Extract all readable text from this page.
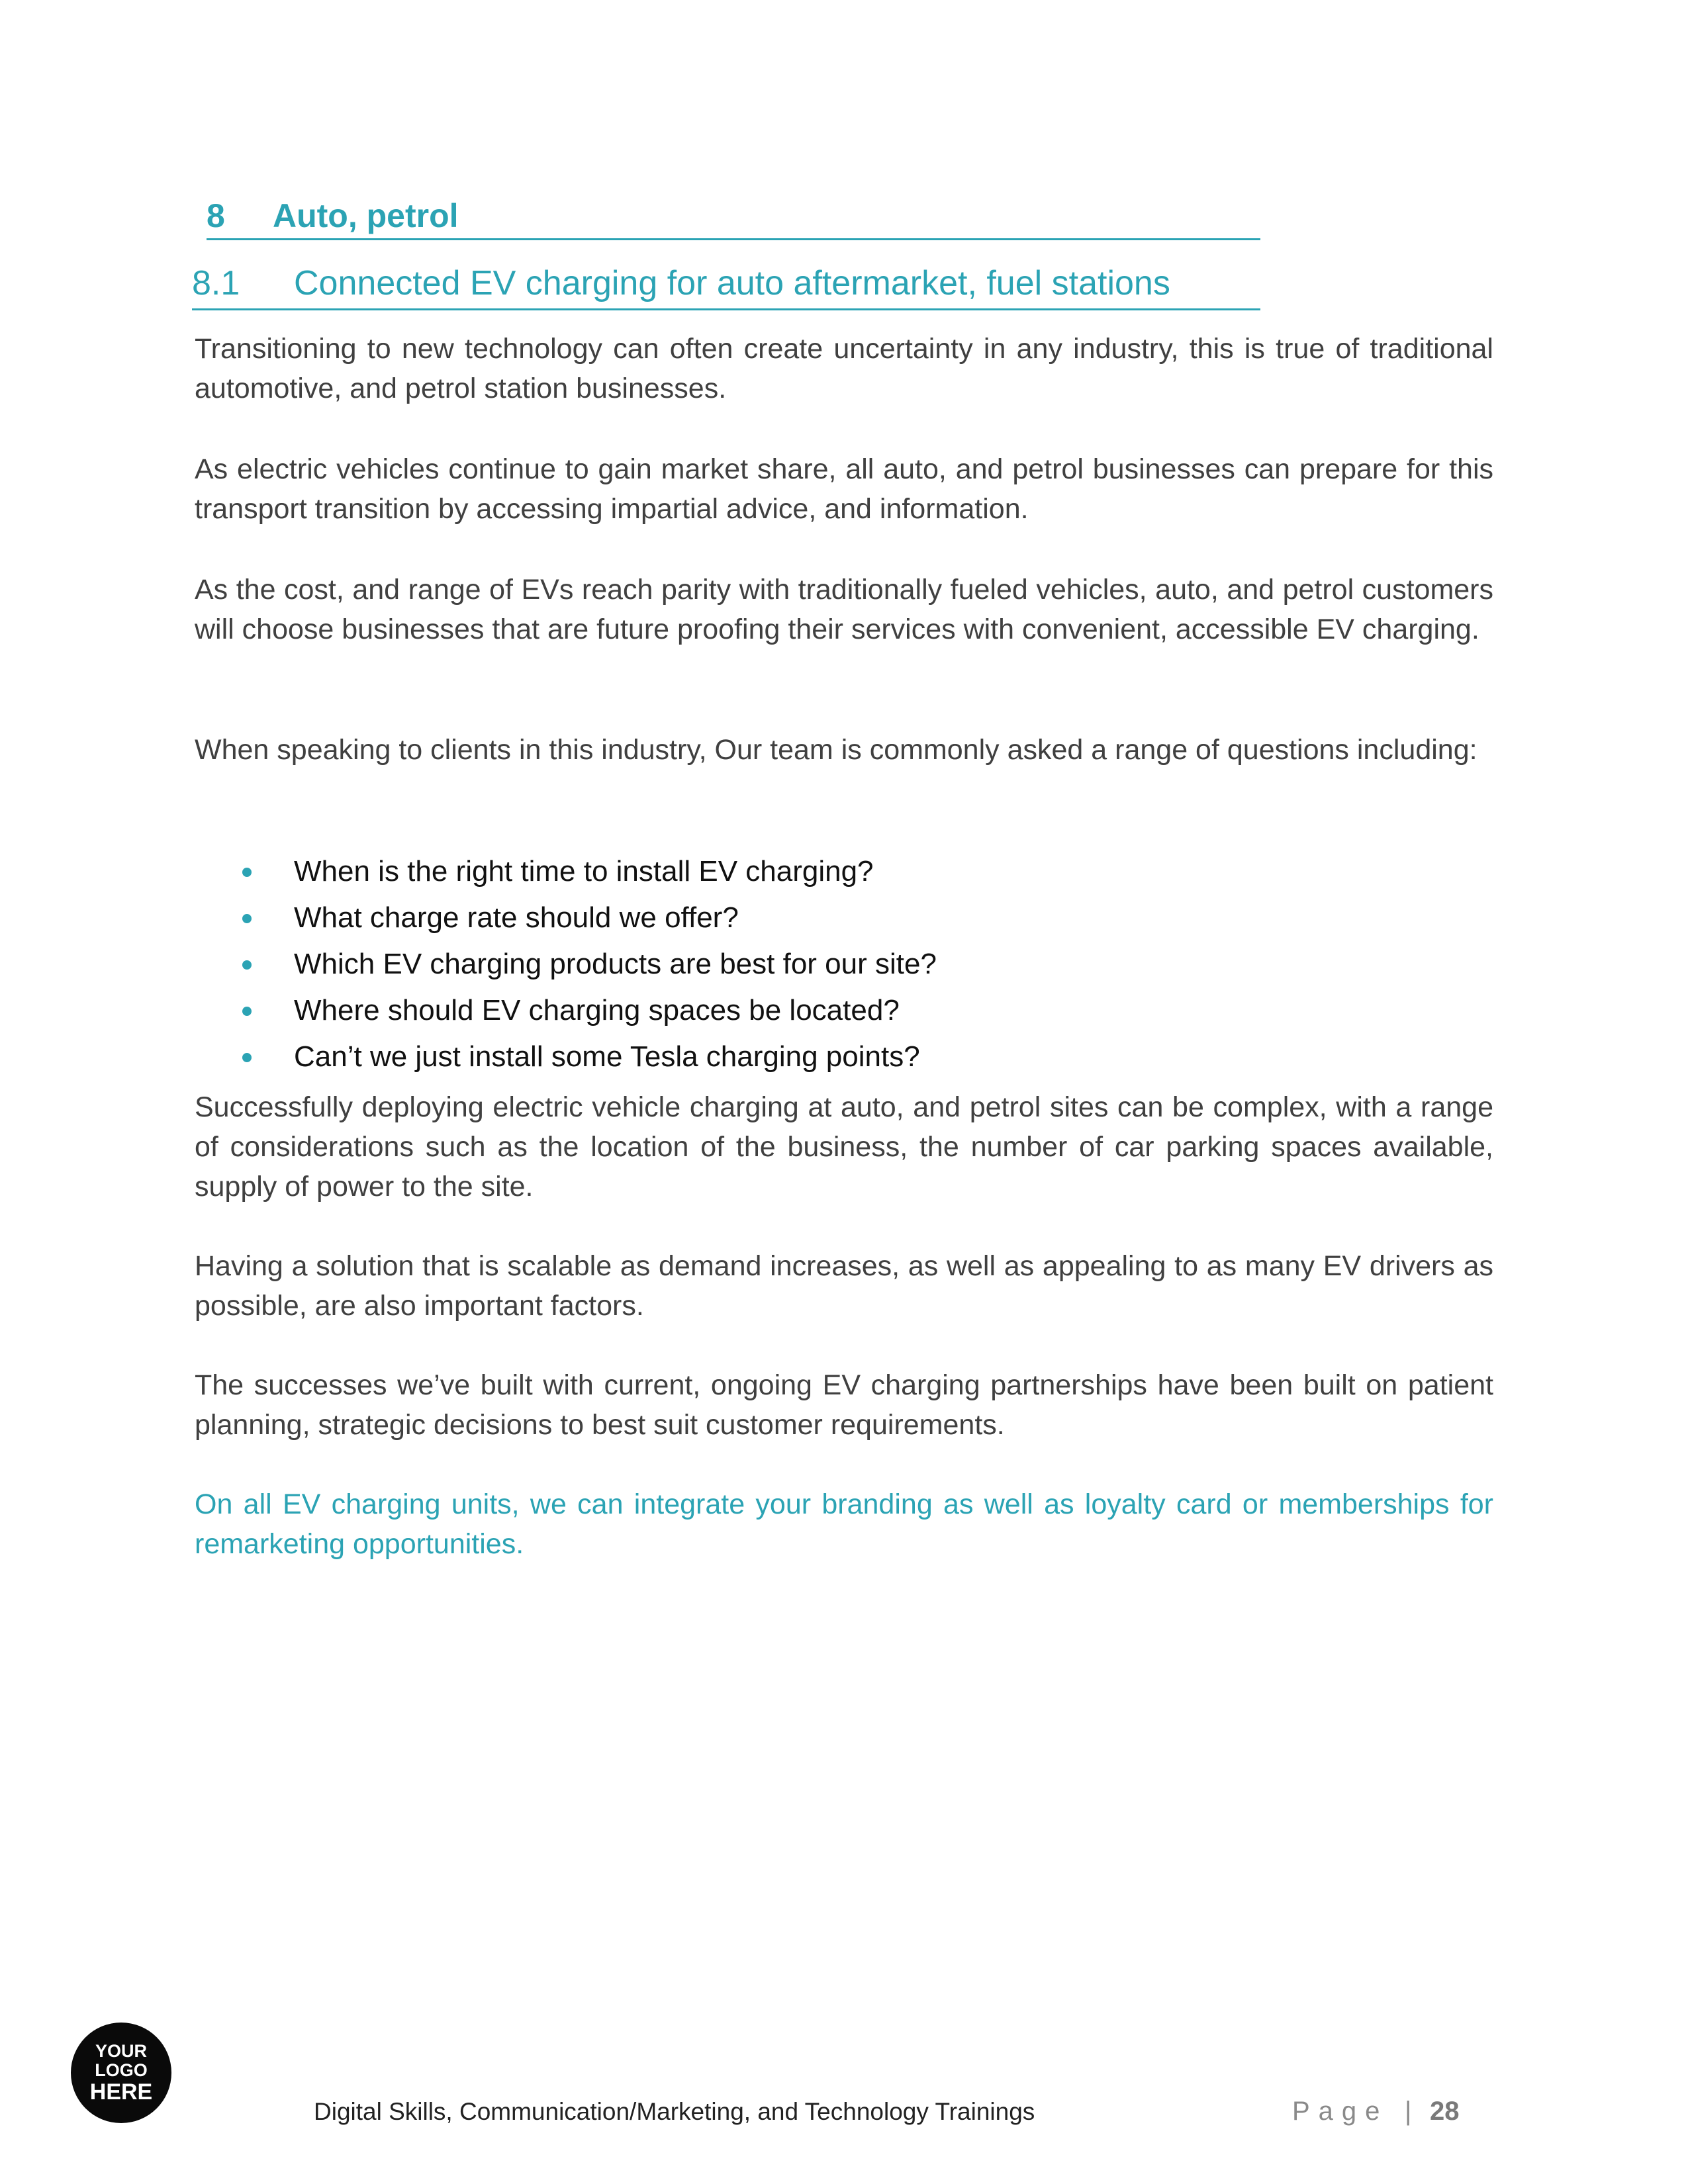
8 Auto, petrol
8.1 Connected EV charging for auto aftermarket, fuel stations

Transitioning to new technology can often create uncertainty in any industry, this is true of traditional automotive, and petrol station businesses.

As electric vehicles continue to gain market share, all auto, and petrol businesses can prepare for this transport transition by accessing impartial advice, and information.

As the cost, and range of EVs reach parity with traditionally fueled vehicles, auto, and petrol customers will choose businesses that are future proofing their services with convenient, accessible EV charging.

When speaking to clients in this industry, Our team is commonly asked a range of questions including:

When is the right time to install EV charging?
What charge rate should we offer?
Which EV charging products are best for our site?
Where should EV charging spaces be located?
Can’t we just install some Tesla charging points?

Successfully deploying electric vehicle charging at auto, and petrol sites can be complex, with a range of considerations such as the location of the business, the number of car parking spaces available, supply of power to the site.

Having a solution that is scalable as demand increases, as well as appealing to as many EV drivers as possible, are also important factors.

The successes we’ve built with current, ongoing EV charging partnerships have been built on patient planning, strategic decisions to best suit customer requirements.

On all EV charging units, we can integrate your branding as well as loyalty card or memberships for remarketing opportunities.

YOUR
LOGO
HERE
Digital Skills, Communication/Marketing, and Technology Trainings	Page | 28
